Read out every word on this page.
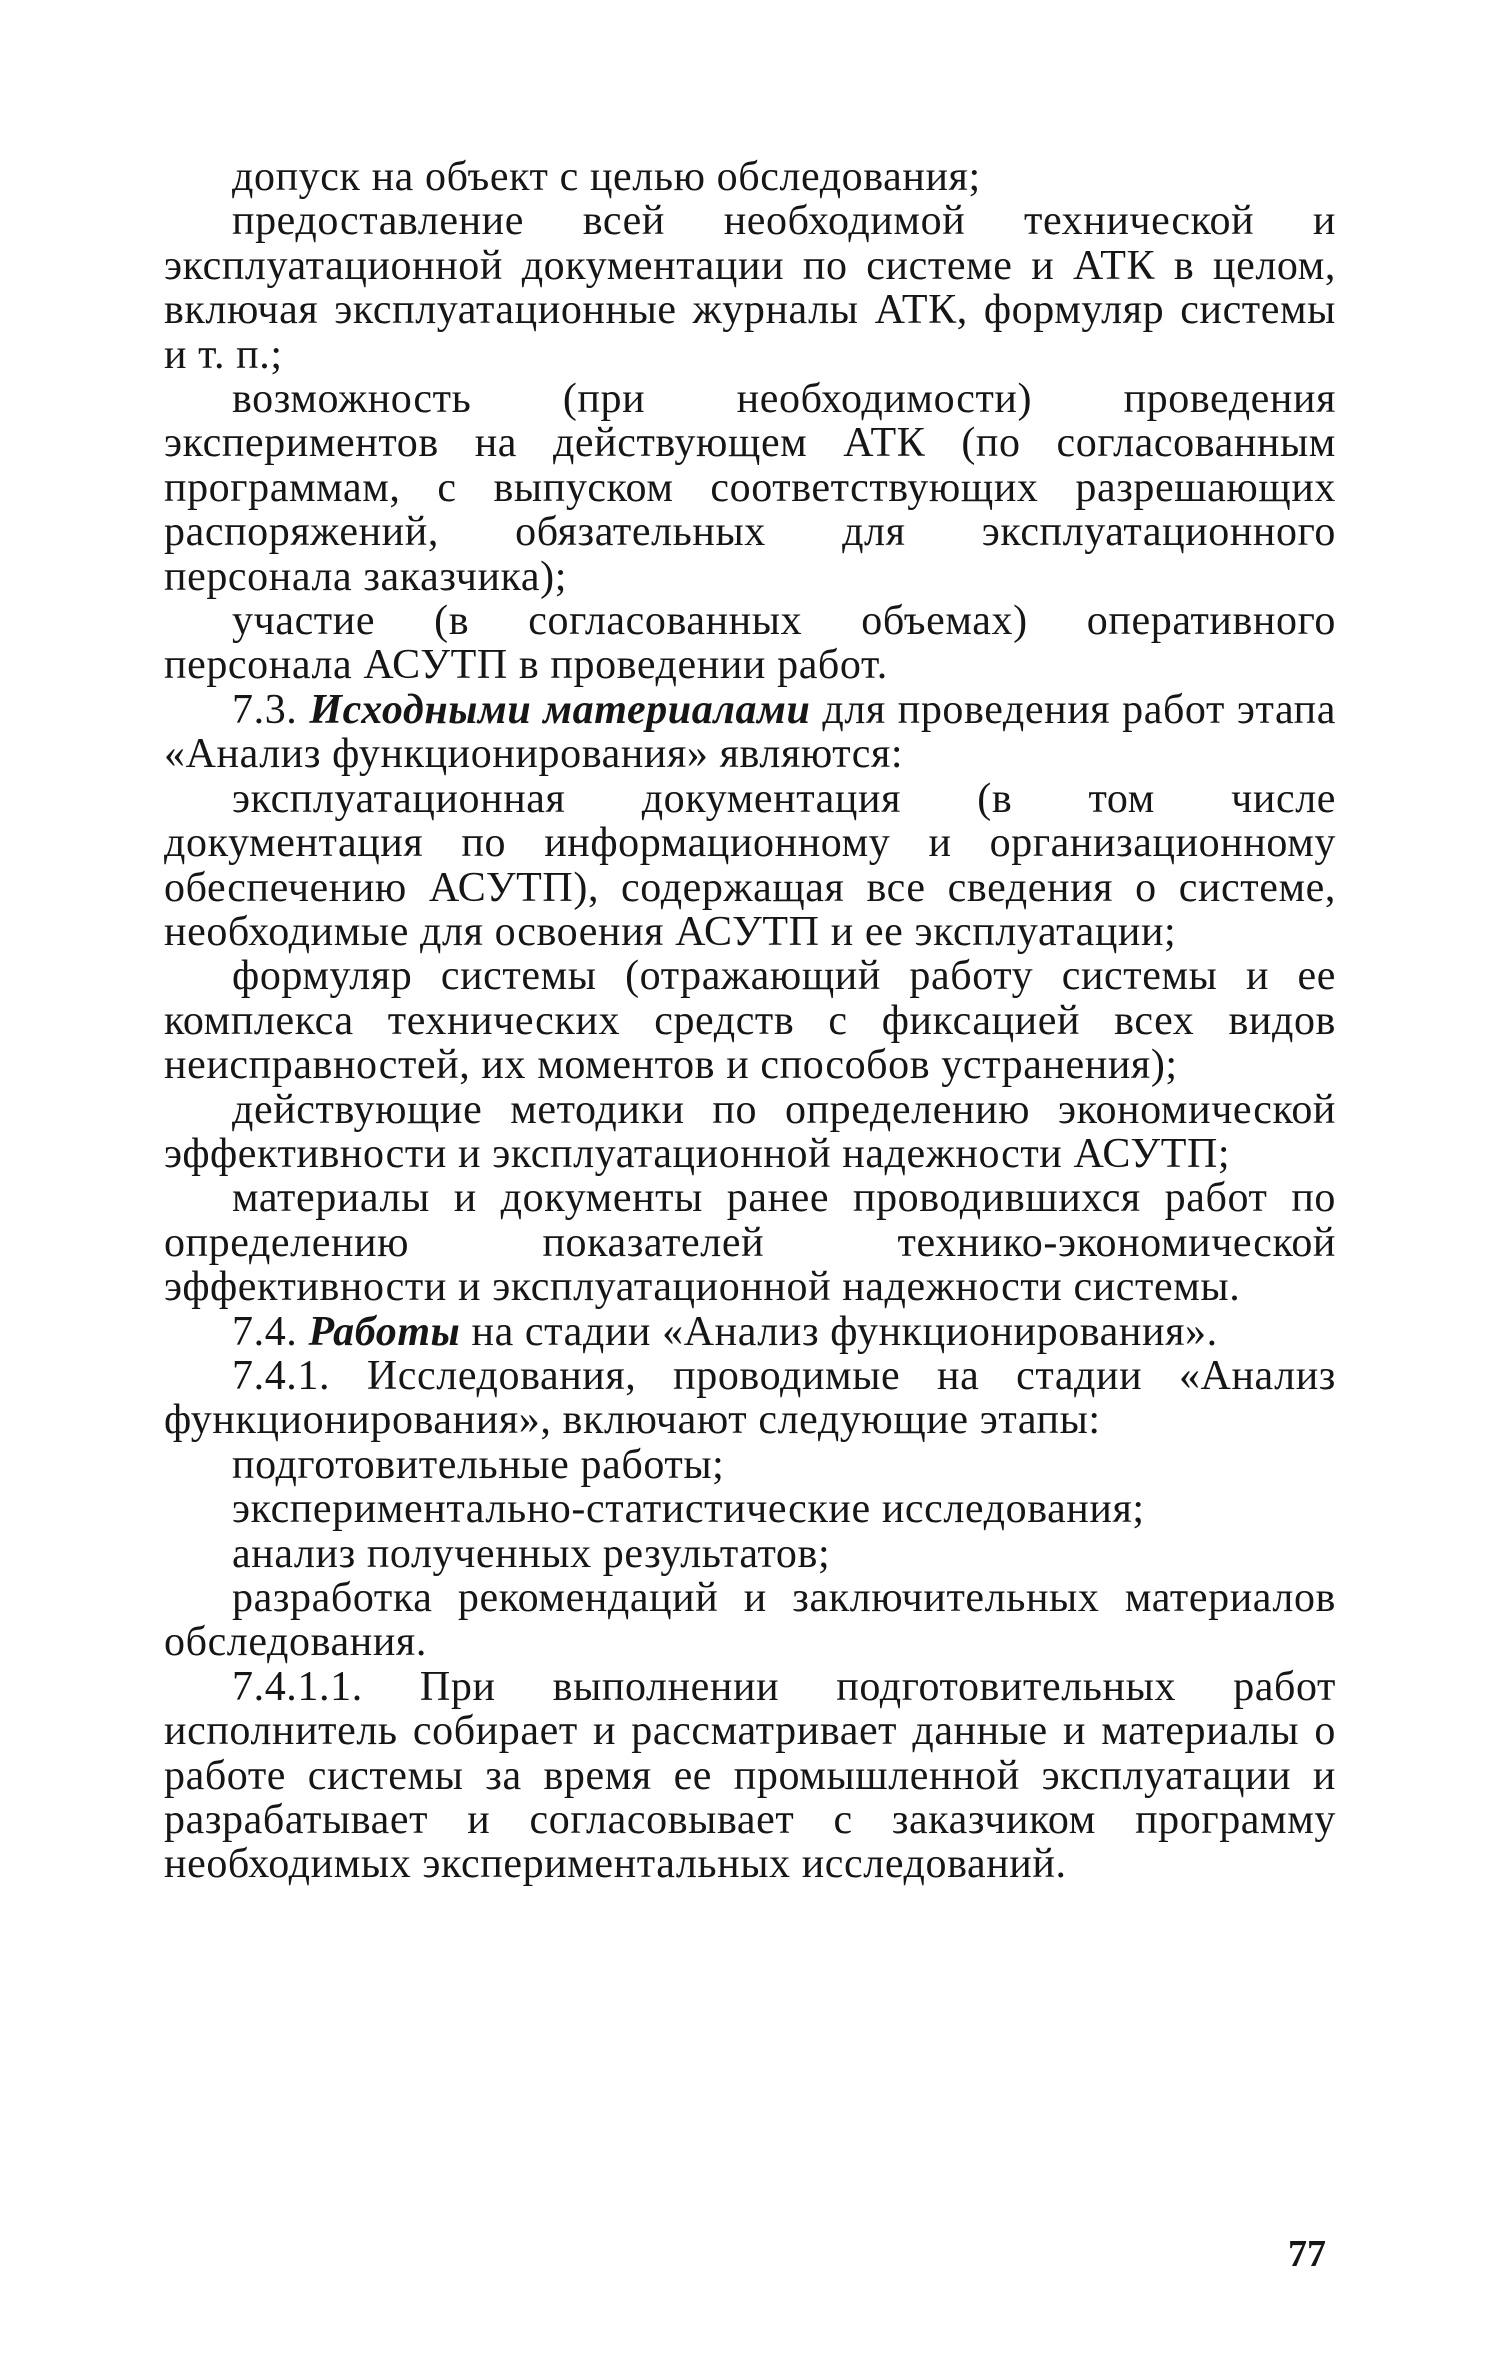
допуск на объект с целью обследования;

предоставление всей необходимой технической и эксплуатационной документации по системе и АТК в целом, включая эксплуатационные журналы АТК, формуляр системы и т. п.;

возможность (при необходимости) проведения экспериментов на действующем АТК (по согласованным программам, с выпуском соответствующих разрешающих распоряжений, обязательных для эксплуатационного персонала заказчика);

участие (в согласованных объемах) оперативного персонала АСУТП в проведении работ.

7.3. Исходными материалами для проведения работ этапа «Анализ функционирования» являются:

эксплуатационная документация (в том числе документация по информационному и организационному обеспечению АСУТП), содержащая все сведения о системе, необходимые для освоения АСУТП и ее эксплуатации;

формуляр системы (отражающий работу системы и ее комплекса технических средств с фиксацией всех видов неисправностей, их моментов и способов устранения);

действующие методики по определению экономической эффективности и эксплуатационной надежности АСУТП;

материалы и документы ранее проводившихся работ по определению показателей технико-экономической эффективности и эксплуатационной надежности системы.

7.4. Работы на стадии «Анализ функционирования».

7.4.1. Исследования, проводимые на стадии «Анализ функционирования», включают следующие этапы:

подготовительные работы;

экспериментально-статистические исследования;

анализ полученных результатов;

разработка рекомендаций и заключительных материалов обследования.

7.4.1.1. При выполнении подготовительных работ исполнитель собирает и рассматривает данные и материалы о работе системы за время ее промышленной эксплуатации и разрабатывает и согласовывает с заказчиком программу необходимых экспериментальных исследований.

77
